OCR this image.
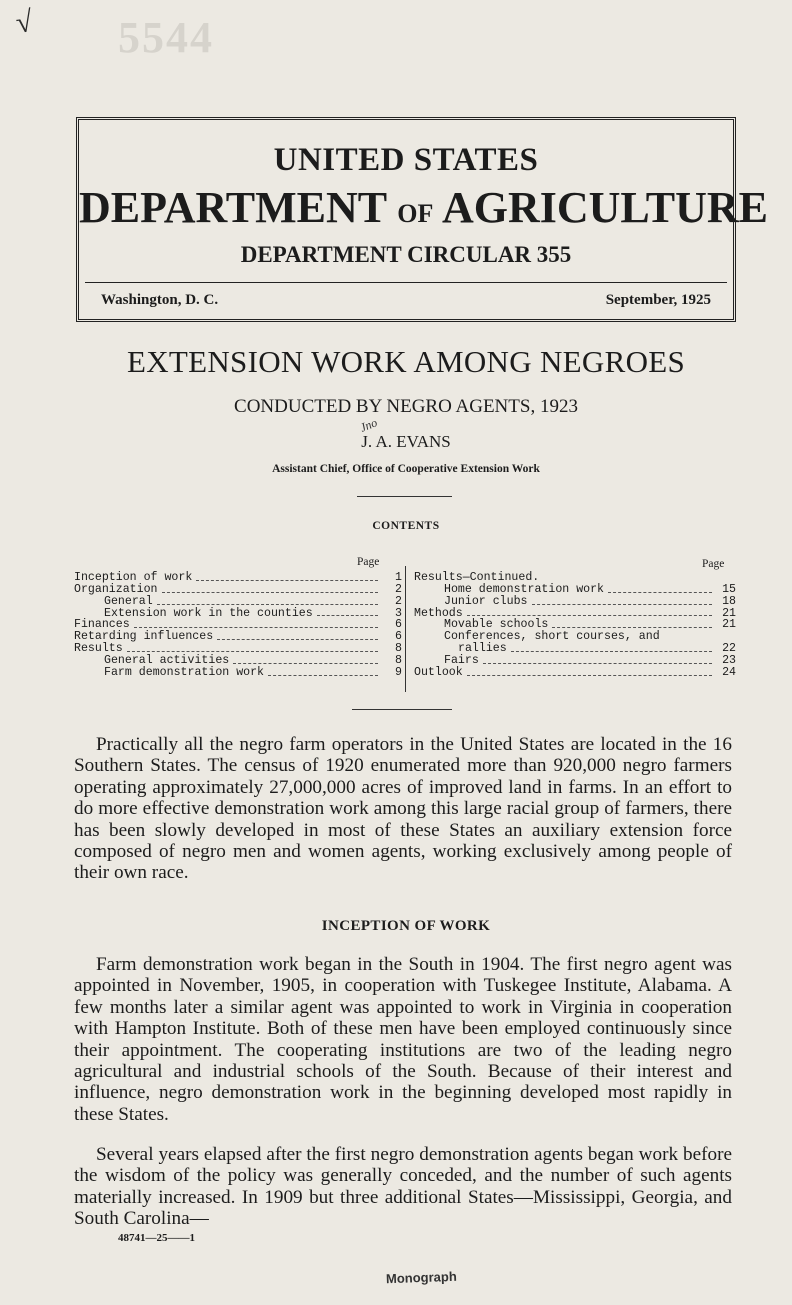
√ 5544
UNITED STATES
DEPARTMENT OF AGRICULTURE
DEPARTMENT CIRCULAR 355
Washington, D. C.	September, 1925
EXTENSION WORK AMONG NEGROES
CONDUCTED BY NEGRO AGENTS, 1923
Jno
J. A. EVANS
Assistant Chief, Office of Cooperative Extension Work
CONTENTS
Page	Page
Inception of work	1
Organization	2
General	2
Extension work in the counties	3
Finances	6
Retarding influences	6
Results	8
General activities	8
Farm demonstration work	9
Results—Continued.
Home demonstration work	15
Junior clubs	18
Methods	21
Movable schools	21
Conferences, short courses, and
rallies	22
Fairs	23
Outlook	24
Practically all the negro farm operators in the United States are located in the 16 Southern States. The census of 1920 enumerated more than 920,000 negro farmers operating approximately 27,000,000 acres of improved land in farms. In an effort to do more effective demonstration work among this large racial group of farmers, there has been slowly developed in most of these States an auxiliary extension force composed of negro men and women agents, working exclusively among people of their own race.
INCEPTION OF WORK
Farm demonstration work began in the South in 1904. The first negro agent was appointed in November, 1905, in cooperation with Tuskegee Institute, Alabama. A few months later a similar agent was appointed to work in Virginia in cooperation with Hampton Institute. Both of these men have been employed continuously since their appointment. The cooperating institutions are two of the leading negro agricultural and industrial schools of the South. Because of their interest and influence, negro demonstration work in the beginning developed most rapidly in these States.
Several years elapsed after the first negro demonstration agents began work before the wisdom of the policy was generally conceded, and the number of such agents materially increased. In 1909 but three additional States—Mississippi, Georgia, and South Carolina—
48741—25——1
Monograph
